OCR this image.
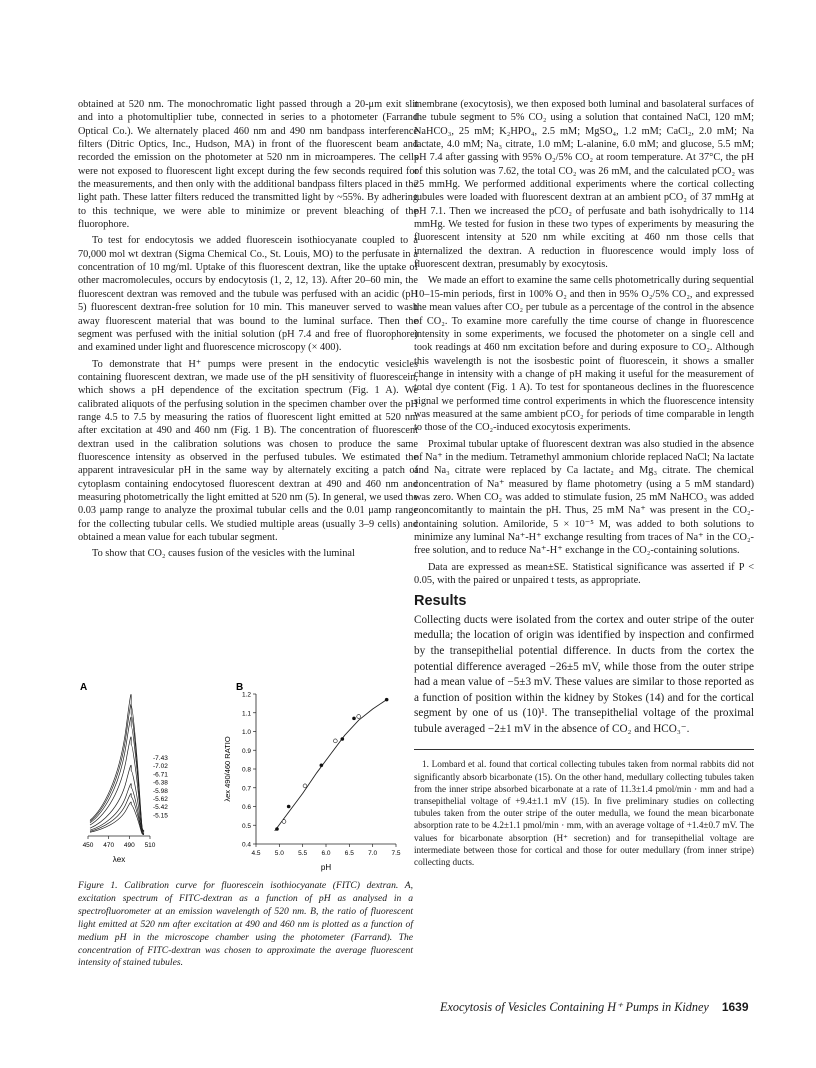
obtained at 520 nm. The monochromatic light passed through a 20-μm exit slit and into a photomultiplier tube, connected in series to a photometer (Farrand Optical Co.). We alternately placed 460 nm and 490 nm bandpass interference filters (Ditric Optics, Inc., Hudson, MA) in front of the fluorescent beam and recorded the emission on the photometer at 520 nm in microamperes. The cells were not exposed to fluorescent light except during the few seconds required for the measurements, and then only with the additional bandpass filters placed in the light path. These latter filters reduced the transmitted light by ~55%. By adhering to this technique, we were able to minimize or prevent bleaching of the fluorophore.

To test for endocytosis we added fluorescein isothiocyanate coupled to a 70,000 mol wt dextran (Sigma Chemical Co., St. Louis, MO) to the perfusate in a concentration of 10 mg/ml. Uptake of this fluorescent dextran, like the uptake of other macromolecules, occurs by endocytosis (1, 2, 12, 13). After 20–60 min, the fluorescent dextran was removed and the tubule was perfused with an acidic (pH 5) fluorescent dextran-free solution for 10 min. This maneuver served to wash away fluorescent material that was bound to the luminal surface. Then the segment was perfused with the initial solution (pH 7.4 and free of fluorophore) and examined under light and fluorescence microscopy (× 400).

To demonstrate that H⁺ pumps were present in the endocytic vesicles containing fluorescent dextran, we made use of the pH sensitivity of fluorescein, which shows a pH dependence of the excitation spectrum (Fig. 1 A). We calibrated aliquots of the perfusing solution in the specimen chamber over the pH range 4.5 to 7.5 by measuring the ratios of fluorescent light emitted at 520 nm after excitation at 490 and 460 nm (Fig. 1 B). The concentration of fluorescent dextran used in the calibration solutions was chosen to produce the same fluorescence intensity as observed in the perfused tubules. We estimated the apparent intravesicular pH in the same way by alternately exciting a patch of cytoplasm containing endocytosed fluorescent dextran at 490 and 460 nm and measuring photometrically the light emitted at 520 nm (5). In general, we used the 0.03 μamp range to analyze the proximal tubular cells and the 0.01 μamp range for the collecting tubular cells. We studied multiple areas (usually 3–9 cells) and obtained a mean value for each tubular segment.

To show that CO₂ causes fusion of the vesicles with the luminal

membrane (exocytosis), we then exposed both luminal and basolateral surfaces of the tubule segment to 5% CO₂ using a solution that contained NaCl, 120 mM; NaHCO₃, 25 mM; K₂HPO₄, 2.5 mM; MgSO₄, 1.2 mM; CaCl₂, 2.0 mM; Na lactate, 4.0 mM; Na₃ citrate, 1.0 mM; L-alanine, 6.0 mM; and glucose, 5.5 mM; pH 7.4 after gassing with 95% O₂/5% CO₂ at room temperature. At 37°C, the pH of this solution was 7.62, the total CO₂ was 26 mM, and the calculated pCO₂ was 25 mmHg. We performed additional experiments where the cortical collecting tubules were loaded with fluorescent dextran at an ambient pCO₂ of 37 mmHg at pH 7.1. Then we increased the pCO₂ of perfusate and bath isohydrically to 114 mmHg. We tested for fusion in these two types of experiments by measuring the fluorescent intensity at 520 nm while exciting at 460 nm those cells that internalized the dextran. A reduction in fluorescence would imply loss of fluorescent dextran, presumably by exocytosis.

We made an effort to examine the same cells photometrically during sequential 10–15-min periods, first in 100% O₂ and then in 95% O₂/5% CO₂, and expressed the mean values after CO₂ per tubule as a percentage of the control in the absence of CO₂. To examine more carefully the time course of change in fluorescence intensity in some experiments, we focused the photometer on a single cell and took readings at 460 nm excitation before and during exposure to CO₂. Although this wavelength is not the isosbestic point of fluorescein, it shows a smaller change in intensity with a change of pH making it useful for the measurement of total dye content (Fig. 1 A). To test for spontaneous declines in the fluorescence signal we performed time control experiments in which the fluorescence intensity was measured at the same ambient pCO₂ for periods of time comparable in length to those of the CO₂-induced exocytosis experiments.

Proximal tubular uptake of fluorescent dextran was also studied in the absence of Na⁺ in the medium. Tetramethyl ammonium chloride replaced NaCl; Na lactate and Na₃ citrate were replaced by Ca lactate₂ and Mg₃ citrate. The chemical concentration of Na⁺ measured by flame photometry (using a 5 mM standard) was zero. When CO₂ was added to stimulate fusion, 25 mM NaHCO₃ was added concomitantly to maintain the pH. Thus, 25 mM Na⁺ was present in the CO₂-containing solution. Amiloride, 5 × 10⁻⁵ M, was added to both solutions to minimize any luminal Na⁺-H⁺ exchange resulting from traces of Na⁺ in the CO₂-free solution, and to reduce Na⁺-H⁺ exchange in the CO₂-containing solutions.

Data are expressed as mean±SE. Statistical significance was asserted if P < 0.05, with the paired or unpaired t tests, as appropriate.

Results

Collecting ducts were isolated from the cortex and outer stripe of the outer medulla; the location of origin was identified by inspection and confirmed by the transepithelial potential difference. In ducts from the cortex the potential difference averaged −26±5 mV, while those from the outer stripe had a mean value of −5±3 mV. These values are similar to those reported as a function of position within the kidney by Stokes (14) and for the cortical segment by one of us (10)¹. The transepithelial voltage of the proximal tubule averaged −2±1 mV in the absence of CO₂ and HCO₃⁻.

1. Lombard et al. found that cortical collecting tubules taken from normal rabbits did not significantly absorb bicarbonate (15). On the other hand, medullary collecting tubules taken from the inner stripe absorbed bicarbonate at a rate of 11.3±1.4 pmol/min · mm and had a transepithelial voltage of +9.4±1.1 mV (15). In five preliminary studies on collecting tubules taken from the outer stripe of the outer medulla, we found the mean bicarbonate absorption rate to be 4.2±1.1 pmol/min · mm, with an average voltage of +1.4±0.7 mV. The values for bicarbonate absorption (H⁺ secretion) and for transepithelial voltage are intermediate between those for cortical and those for outer medullary (from inner stripe) collecting ducts.

A
450 470 490 510
λex
-7.43
-7.02
-6.71
-6.38
-5.98
-5.62
-5.42
-5.15
B
0.4
0.5
0.6
0.7
0.8
0.9
1.0
1.1
1.2
4.5 5.0 5.5 6.0 6.5 7.0 7.5
pH
λex 490/460 RATIO
Figure 1. Calibration curve for fluorescein isothiocyanate (FITC) dextran. A, excitation spectrum of FITC-dextran as a function of pH as analysed in a spectrofluorometer at an emission wavelength of 520 nm. B, the ratio of fluorescent light emitted at 520 nm after excitation at 490 and 460 nm is plotted as a function of medium pH in the microscope chamber using the photometer (Farrand). The concentration of FITC-dextran was chosen to approximate the average fluorescent intensity of stained tubules.
Exocytosis of Vesicles Containing H⁺ Pumps in Kidney 1639
